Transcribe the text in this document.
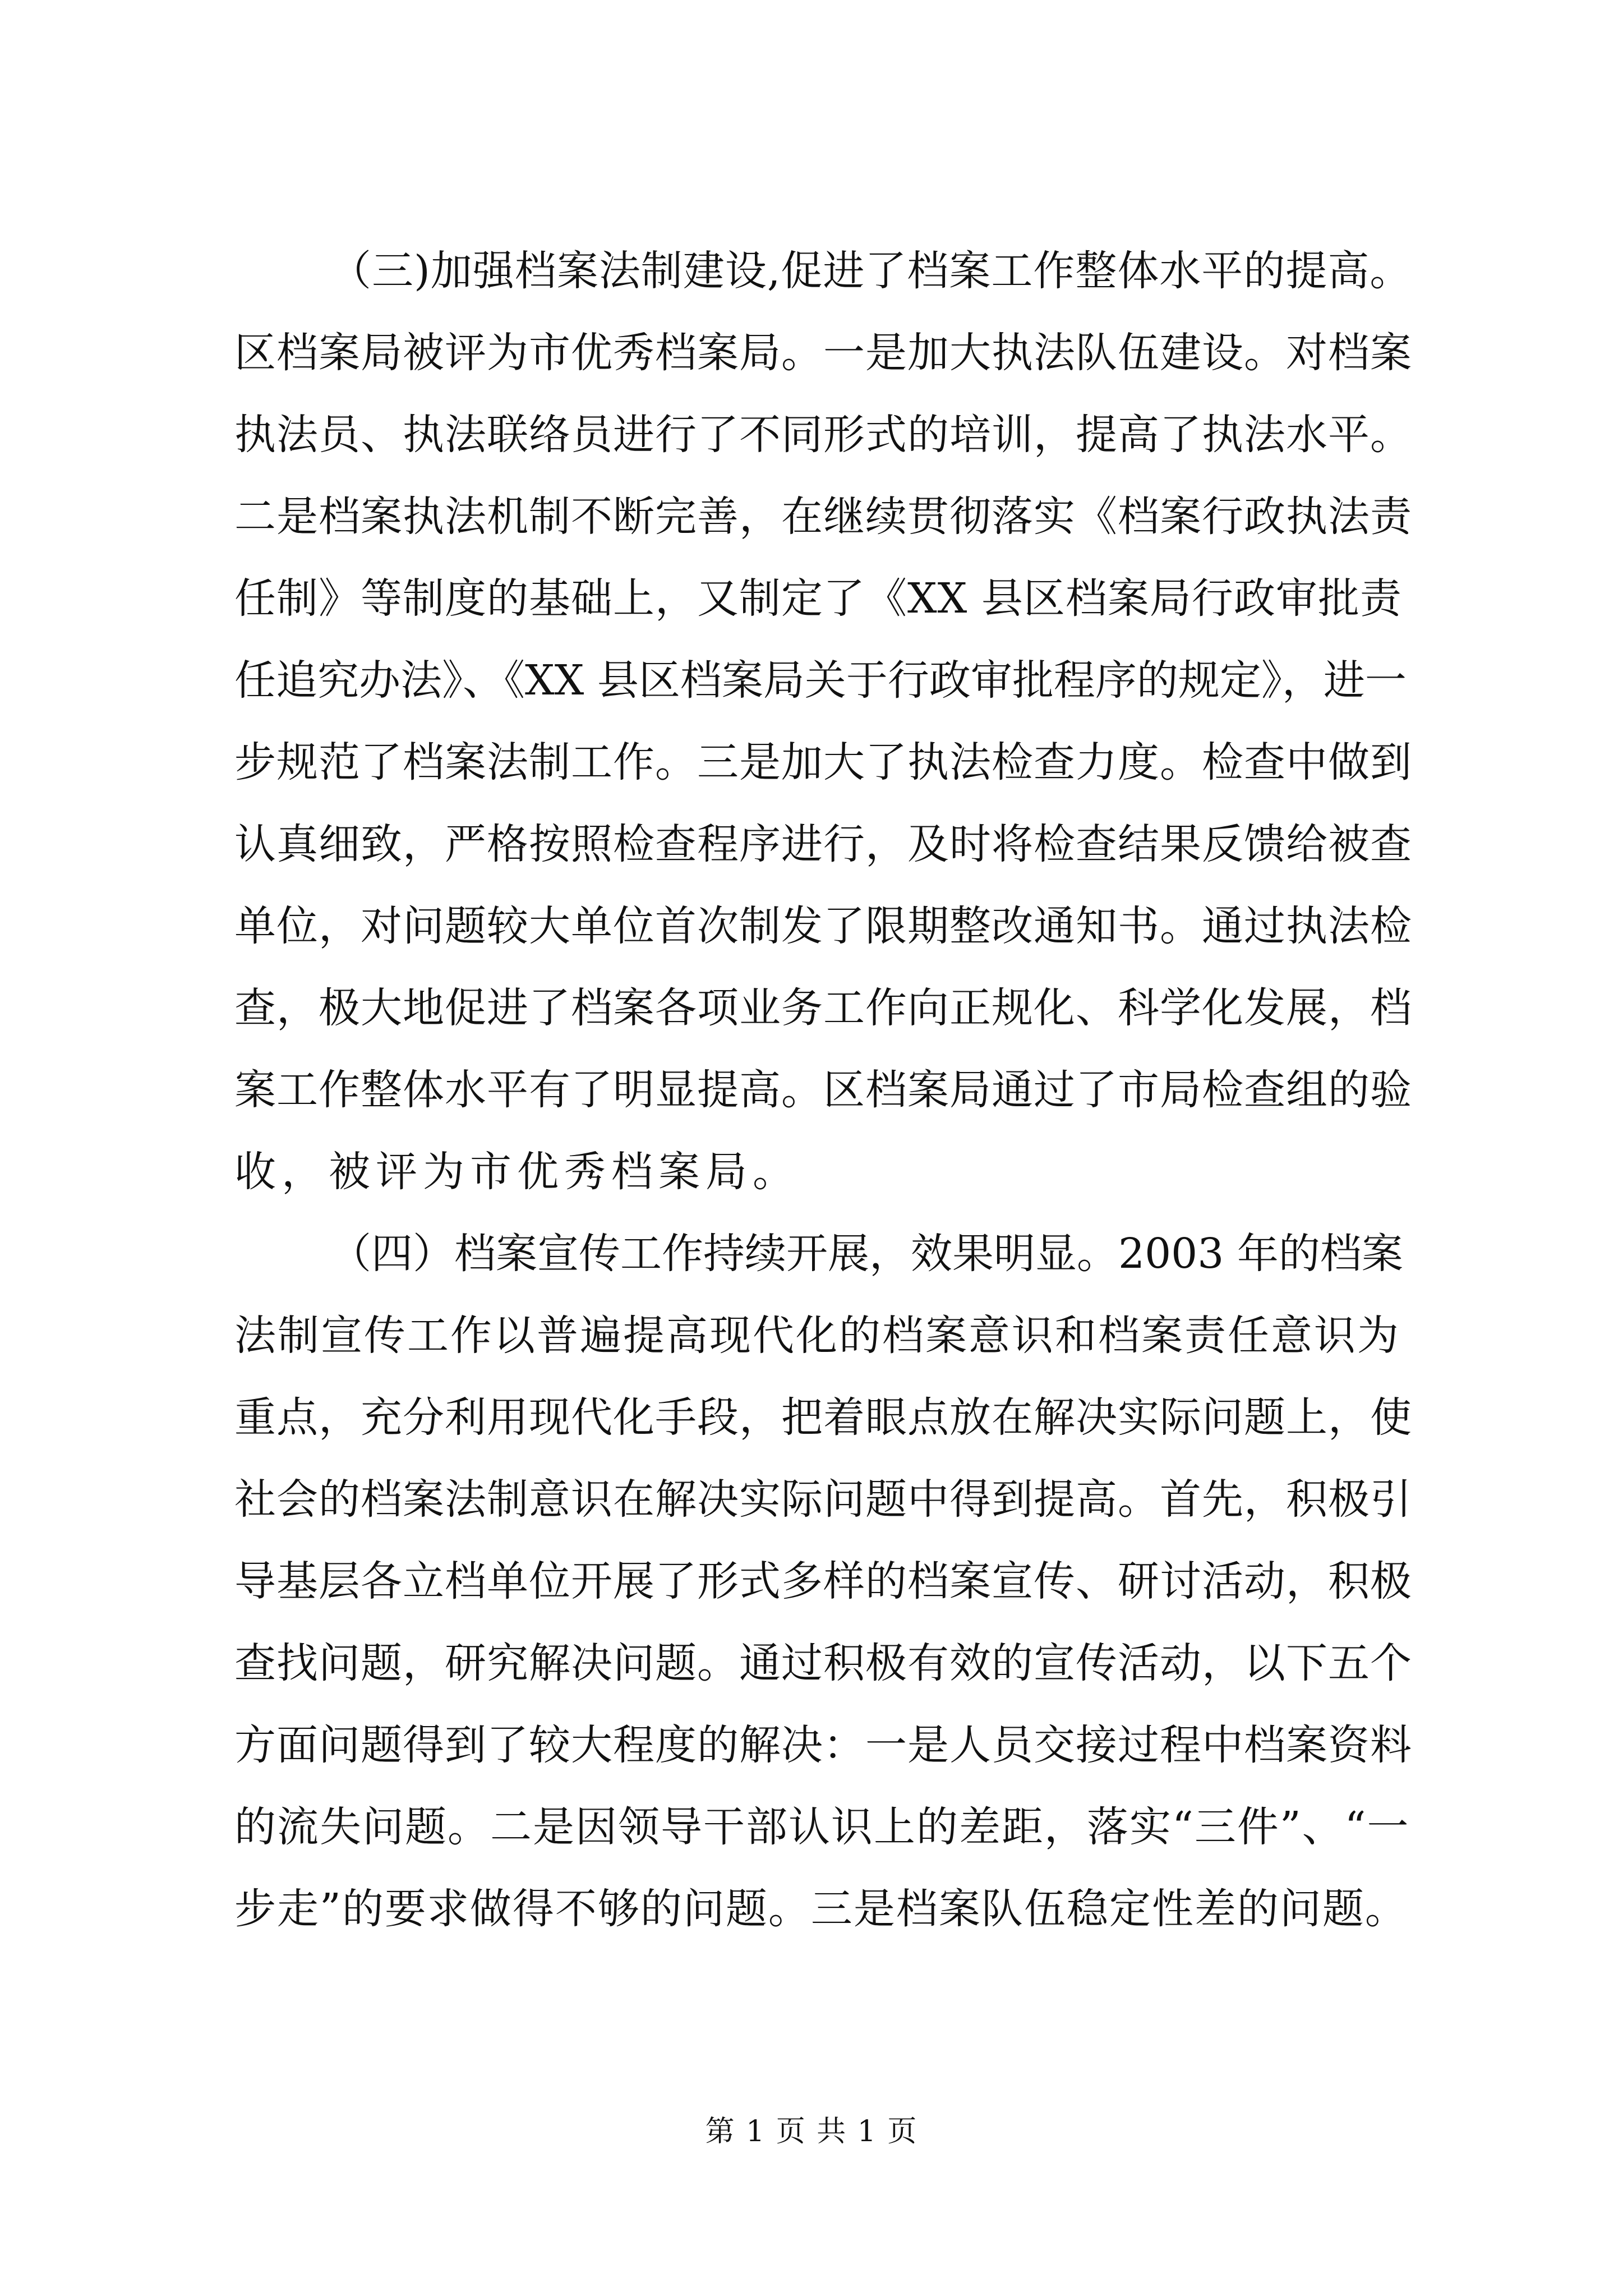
（三)加强档案法制建设,促进了档案工作整体水平的提高。
区档案局被评为市优秀档案局。一是加大执法队伍建设。对档案
执法员、执法联络员进行了不同形式的培训，提高了执法水平。
二是档案执法机制不断完善，在继续贯彻落实《档案行政执法责
任制》等制度的基础上，又制定了《XX 县区档案局行政审批责
任追究办法》、《XX 县区档案局关于行政审批程序的规定》，进一
步规范了档案法制工作。三是加大了执法检查力度。检查中做到
认真细致，严格按照检查程序进行，及时将检查结果反馈给被查
单位，对问题较大单位首次制发了限期整改通知书。通过执法检
查，极大地促进了档案各项业务工作向正规化、科学化发展，档
案工作整体水平有了明显提高。区档案局通过了市局检查组的验
收，被评为市优秀档案局。
（四）档案宣传工作持续开展，效果明显。2003 年的档案
法制宣传工作以普遍提高现代化的档案意识和档案责任意识为
重点，充分利用现代化手段，把着眼点放在解决实际问题上，使
社会的档案法制意识在解决实际问题中得到提高。首先，积极引
导基层各立档单位开展了形式多样的档案宣传、研讨活动，积极
查找问题，研究解决问题。通过积极有效的宣传活动，以下五个
方面问题得到了较大程度的解决：一是人员交接过程中档案资料
的流失问题。二是因领导干部认识上的差距，落实“三件”、“一
步走”的要求做得不够的问题。三是档案队伍稳定性差的问题。
第 1 页 共 1 页
